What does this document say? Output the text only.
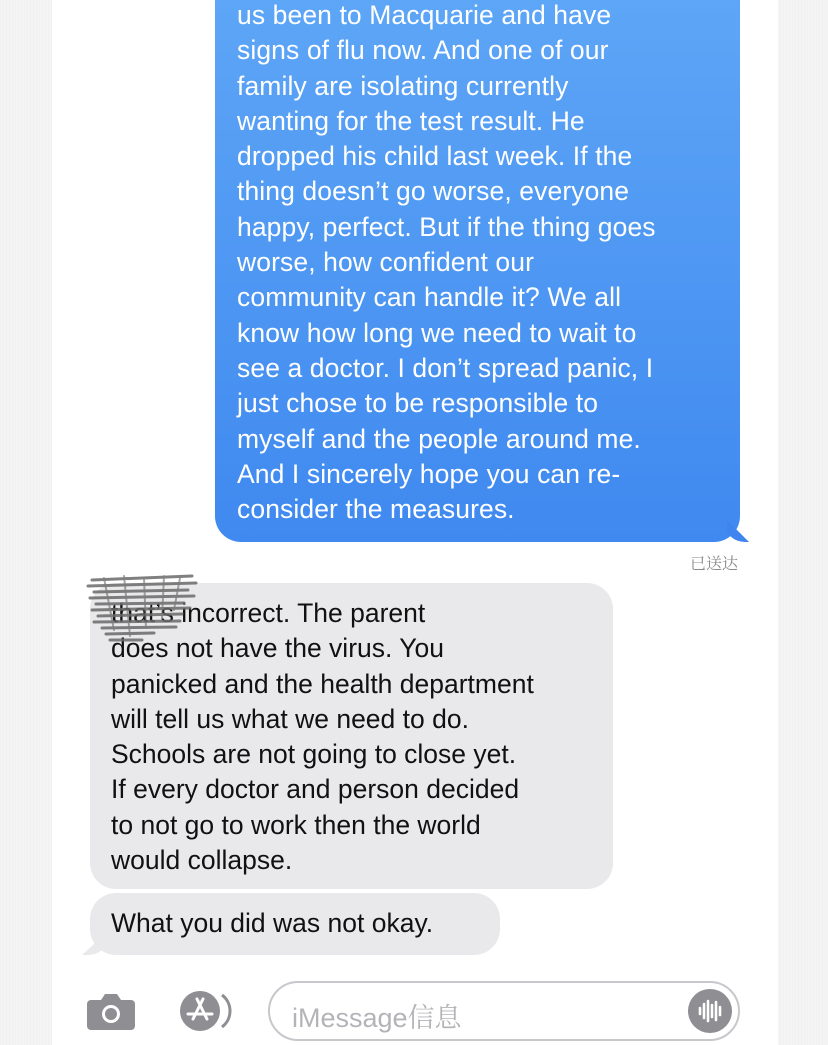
us been to Macquarie and have
signs of flu now. And one of our
family are isolating currently
wanting for the test result. He
dropped his child last week. If the
thing doesn’t go worse, everyone
happy, perfect. But if the thing goes
worse, how confident our
community can handle it? We all
know how long we need to wait to
see a doctor. I don’t spread panic, I
just chose to be responsible to
myself and the people around me.
And I sincerely hope you can re-
consider the measures.

已送达

that’s incorrect. The parent
does not have the virus. You
panicked and the health department
will tell us what we need to do.
Schools are not going to close yet.
If every doctor and person decided
to not go to work then the world
would collapse.

What you did was not okay.

iMessage信息
